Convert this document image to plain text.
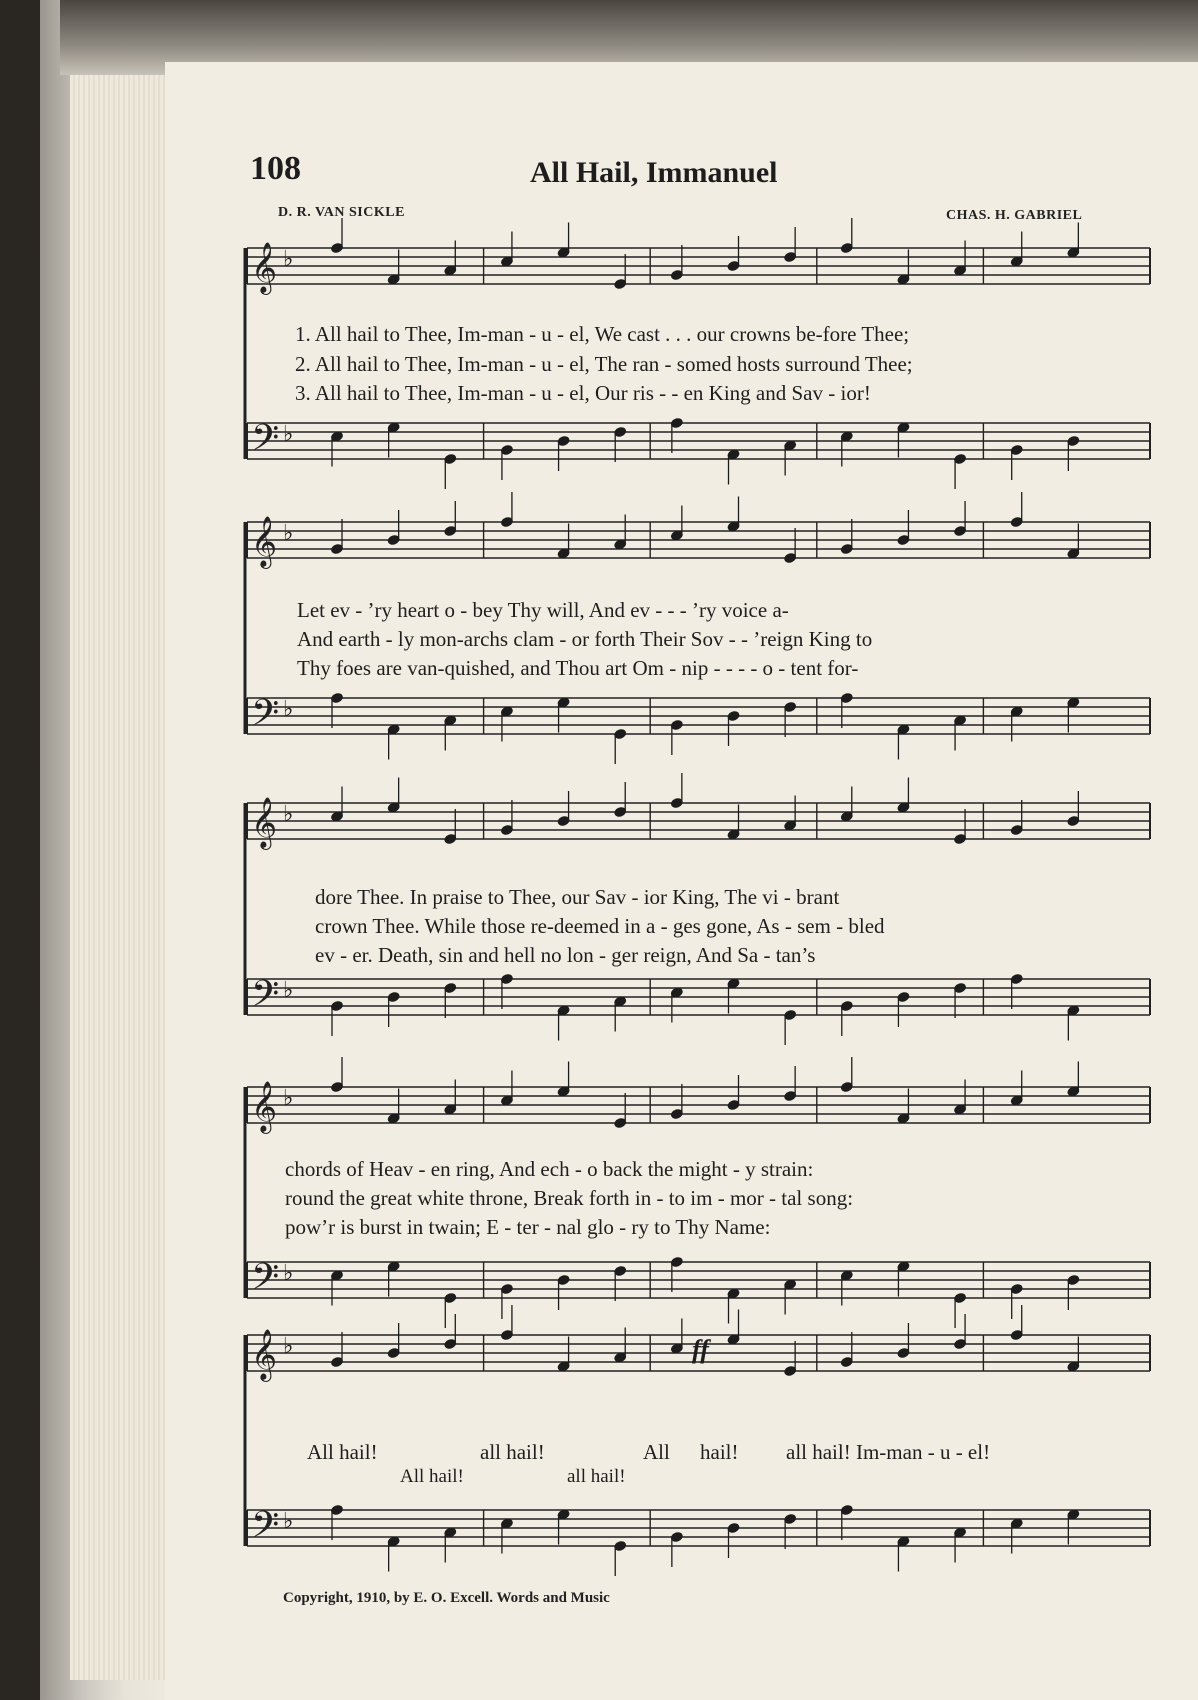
108	All Hail, Immanuel
D. R. VAN SICKLE	CHAS. H. GABRIEL
𝄞 ♭
𝄢 ♭
𝄞 ♭
𝄢 ♭
𝄞 ♭
𝄢 ♭
𝄞 ♭
𝄢 ♭
𝄞 ♭
𝄢 ♭
1. All hail to Thee, Im-man - u - el, We cast . . . our crowns be-fore Thee;
2. All hail to Thee, Im-man - u - el, The ran - somed hosts surround Thee;
3. All hail to Thee, Im-man - u - el, Our ris - - en King and Sav - ior!
Let ev - ’ry heart o - bey Thy will, And ev - - - ’ry voice a-
And earth - ly mon-archs clam - or forth Their Sov - - ’reign King to
Thy foes are van-quished, and Thou art Om - nip - - - - o - tent for-
dore Thee. In praise to Thee, our Sav - ior King, The vi - brant
crown Thee. While those re-deemed in a - ges gone, As - sem - bled
ev - er. Death, sin and hell no lon - ger reign, And Sa - tan’s
chords of Heav - en ring, And ech - o back the might - y strain:
round the great white throne, Break forth in - to im - mor - tal song:
pow’r is burst in twain; E - ter - nal glo - ry to Thy Name:
All hail!	all hail!	All hail! all hail! Im-man - u - el!
All hail!	all hail!
ff
Copyright, 1910, by E. O. Excell. Words and Music
